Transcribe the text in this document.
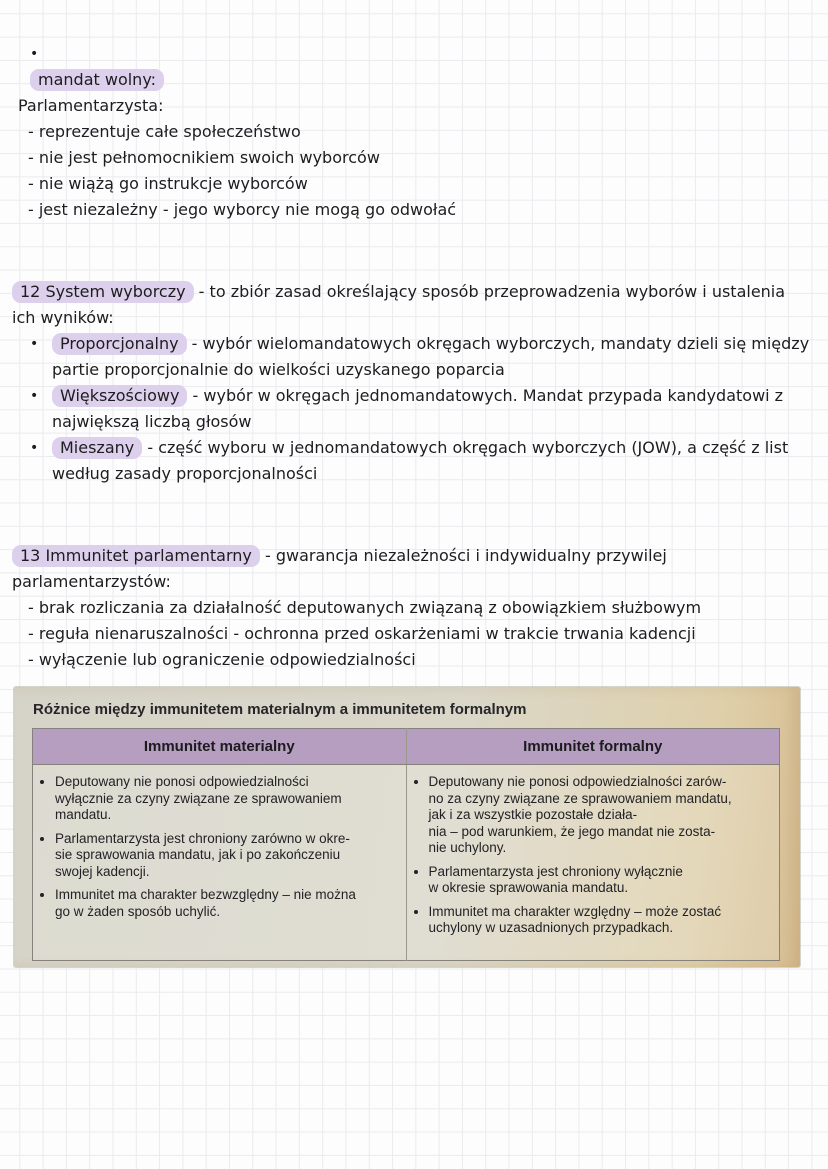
•
mandat wolny:

Parlamentarzysta:
- reprezentuje całe społeczeństwo
- nie jest pełnomocnikiem swoich wyborców
- nie wiążą go instrukcje wyborców
- jest niezależny - jego wyborcy nie mogą go odwołać

12 System wyborczy - to zbiór zasad określający sposób przeprowadzenia wyborów i ustalenia
ich wyników:

•	Proporcjonalny - wybór wielomandatowych okręgach wyborczych, mandaty dzieli się między
partie proporcjonalnie do wielkości uzyskanego poparcia
•	Większościowy - wybór w okręgach jednomandatowych. Mandat przypada kandydatowi z
największą liczbą głosów
•	Mieszany - część wyboru w jednomandatowych okręgach wyborczych (JOW), a część z list
według zasady proporcjonalności

13 Immunitet parlamentarny - gwarancja niezależności i indywidualny przywilej
parlamentarzystów:

- brak rozliczania za działalność deputowanych związaną z obowiązkiem służbowym
- reguła nienaruszalności - ochronna przed oskarżeniami w trakcie trwania kadencji
- wyłączenie lub ograniczenie odpowiedzialności
Różnice między immunitetem materialnym a immunitetem formalnym
Immunitet materialny	Immunitet formalny

• Deputowany nie ponosi odpowiedzialności
wyłącznie za czyny związane ze sprawowaniem
mandatu.
• Parlamentarzysta jest chroniony zarówno w okre-
sie sprawowania mandatu, jak i po zakończeniu
swojej kadencji.
• Immunitet ma charakter bezwzględny – nie można
go w żaden sposób uchylić.

• Deputowany nie ponosi odpowiedzialności zarów-
no za czyny związane ze sprawowaniem mandatu,
jak i za wszystkie pozostałe działa-
nia – pod warunkiem, że jego mandat nie zosta-
nie uchylony.
• Parlamentarzysta jest chroniony wyłącznie
w okresie sprawowania mandatu.
• Immunitet ma charakter względny – może zostać
uchylony w uzasadnionych przypadkach.
